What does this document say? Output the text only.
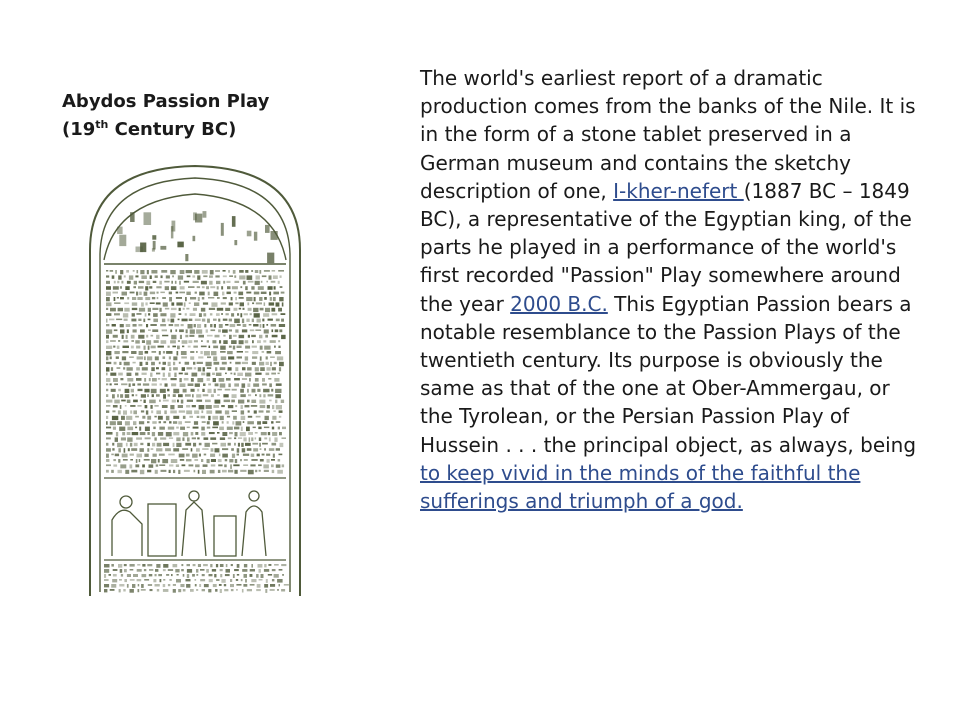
Abydos Passion Play
(19th Century BC)
The world's earliest report of a dramatic production comes from the banks of the Nile. It is in the form of a stone tablet preserved in a German museum and contains the sketchy description of one, I-kher-nefert (1887 BC – 1849 BC), a representative of the Egyptian king, of the parts he played in a performance of the world's first recorded "Passion" Play somewhere around the year 2000 B.C. This Egyptian Passion bears a notable resemblance to the Passion Plays of the twentieth century. Its purpose is obviously the same as that of the one at Ober-Ammergau, or the Tyrolean, or the Persian Passion Play of Hussein . . . the principal object, as always, being to keep vivid in the minds of the faithful the sufferings and triumph of a god.
